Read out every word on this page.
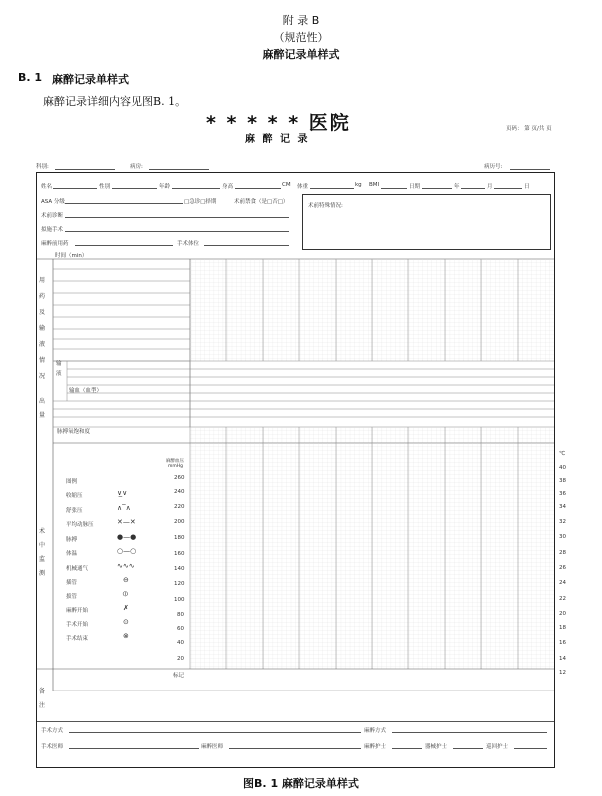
附 录 B
（规范性）
麻醉记录单样式
B. 1 麻醉记录单样式
麻醉记录详细内容见图B. 1。
* * * * * 医院
麻 醉 记 录
页码： 第 页/共 页
科别:	病房:	病历号:
姓名	性别	年龄	身高	CM 体重	kg BMI	日期	年	月	日
ASA 分级	□急诊□择期	术前禁食（是□否□）
术前特殊情况:
术前诊断
拟施手术
麻醉前用药	手术体位
时间（min）
用 药 及 输 液 情 况
输 液
输血（血型）
出 量
脉搏氧饱和度
术 中 监 测
图例
收缩压	∨̲∨
舒张压	∧‾∧
平均动脉压	✕—✕
脉搏	●—●
体温	○—○
机械通气	∿∿∿
插管	⊖
拔管	⦶
麻醉开始	✗
手术开始	⊙
手术结束	⊗
麻醉血压
mmHg
260
240
220
200
180
160
140
120
100
80
60
40
20
标记
℃
40
38
36
34
32
30
28
26
24
22
20
18
16
14
12
备 注
手术方式	麻醉方式
手术医师	麻醉医师	麻醉护士	器械护士	巡回护士
图B. 1 麻醉记录单样式
